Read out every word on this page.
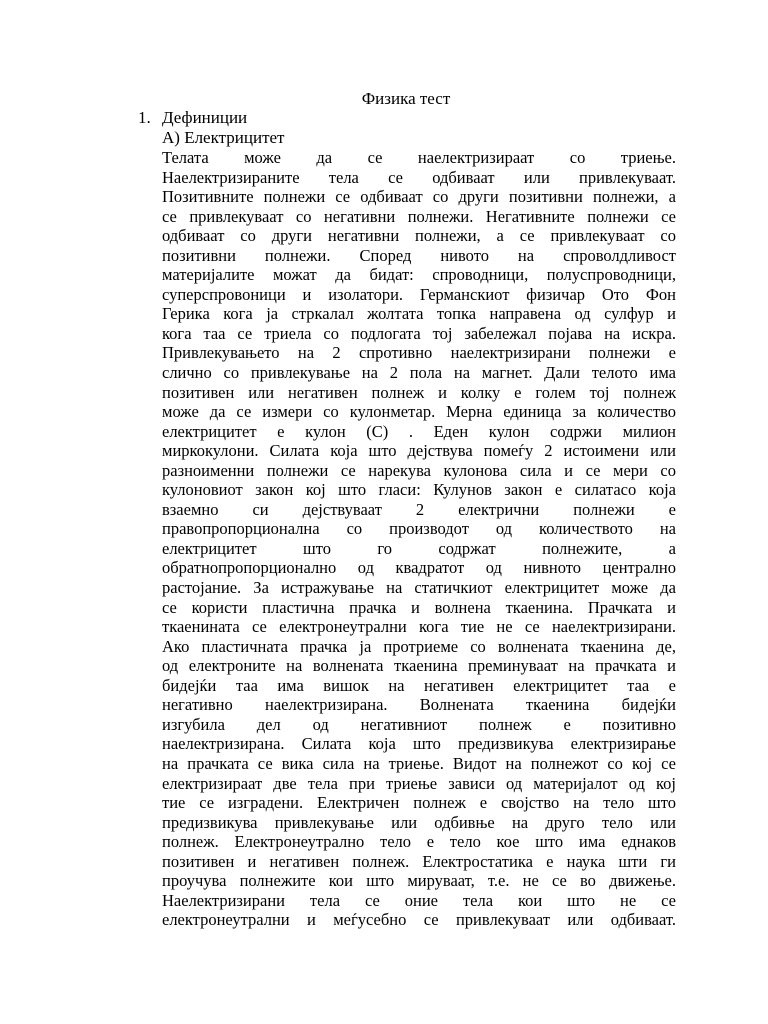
Физика тест
1. Дефиниции
А) Електрицитет
Телата може да се наелектризираат со триење.
Наелектризираните тела се одбиваат или привлекуваат.
Позитивните полнежи се одбиваат со други позитивни полнежи, а
се привлекуваат со негативни полнежи. Негативните полнежи се
одбиваат со други негативни полнежи, а се привлекуваат со
позитивни полнежи. Според нивото на спроволдливост
материјалите можат да бидат: спроводници, полуспроводници,
суперспровоници и изолатори. Германскиот физичар Ото Фон
Герика кога ја стркалал жолтата топка направена од сулфур и
кога таа се триела со подлогата тој забележал појава на искра.
Привлекувањето на 2 спротивно наелектризирани полнежи е
слично со привлекување на 2 пола на магнет. Дали телото има
позитивен или негативен полнеж и колку е голем тој полнеж
може да се измери со кулонметар. Мерна единица за количество
електрицитет е кулон (C) . Еден кулон содржи милион
миркокулони. Силата која што дејствува помеѓу 2 истоимени или
разноименни полнежи се нарекува кулонова сила и се мери со
кулоновиот закон кој што гласи: Кулунов закон е силатасо која
взаемно си дејствуваат 2 електрични полнежи е
правопропорционална со производот од количеството на
електрицитет што го содржат полнежите, а
обратнопропорционално од квадратот од нивното централно
растојание. За истражување на статичкиот електрицитет може да
се користи пластична прачка и волнена ткаенина. Прачката и
ткаенината се електронеутрални кога тие не се наелектризирани.
Ако пластичната прачка ја протриеме со волнената ткаенина де,
од електроните на волнената ткаенина преминуваат на прачката и
бидејќи таа има вишок на негативен електрицитет таа е
негативно наелектризирана. Волнената ткаенина бидејќи
изгубила дел од негативниот полнеж е позитивно
наелектризирана. Силата која што предизвикува електризирање
на прачката се вика сила на триење. Видот на полнежот со кој се
електризираат две тела при триење зависи од материјалот од кој
тие се изградени. Електричен полнеж е својство на тело што
предизвикува привлекување или одбивње на друго тело или
полнеж. Електронеутрално тело е тело кое што има еднаков
позитивен и негативен полнеж. Електростатика е наука шти ги
проучува полнежите кои што мируваат, т.е. не се во движење.
Наелектризирани тела се оние тела кои што не се
електронеутрални и меѓусебно се привлекуваат или одбиваат.
